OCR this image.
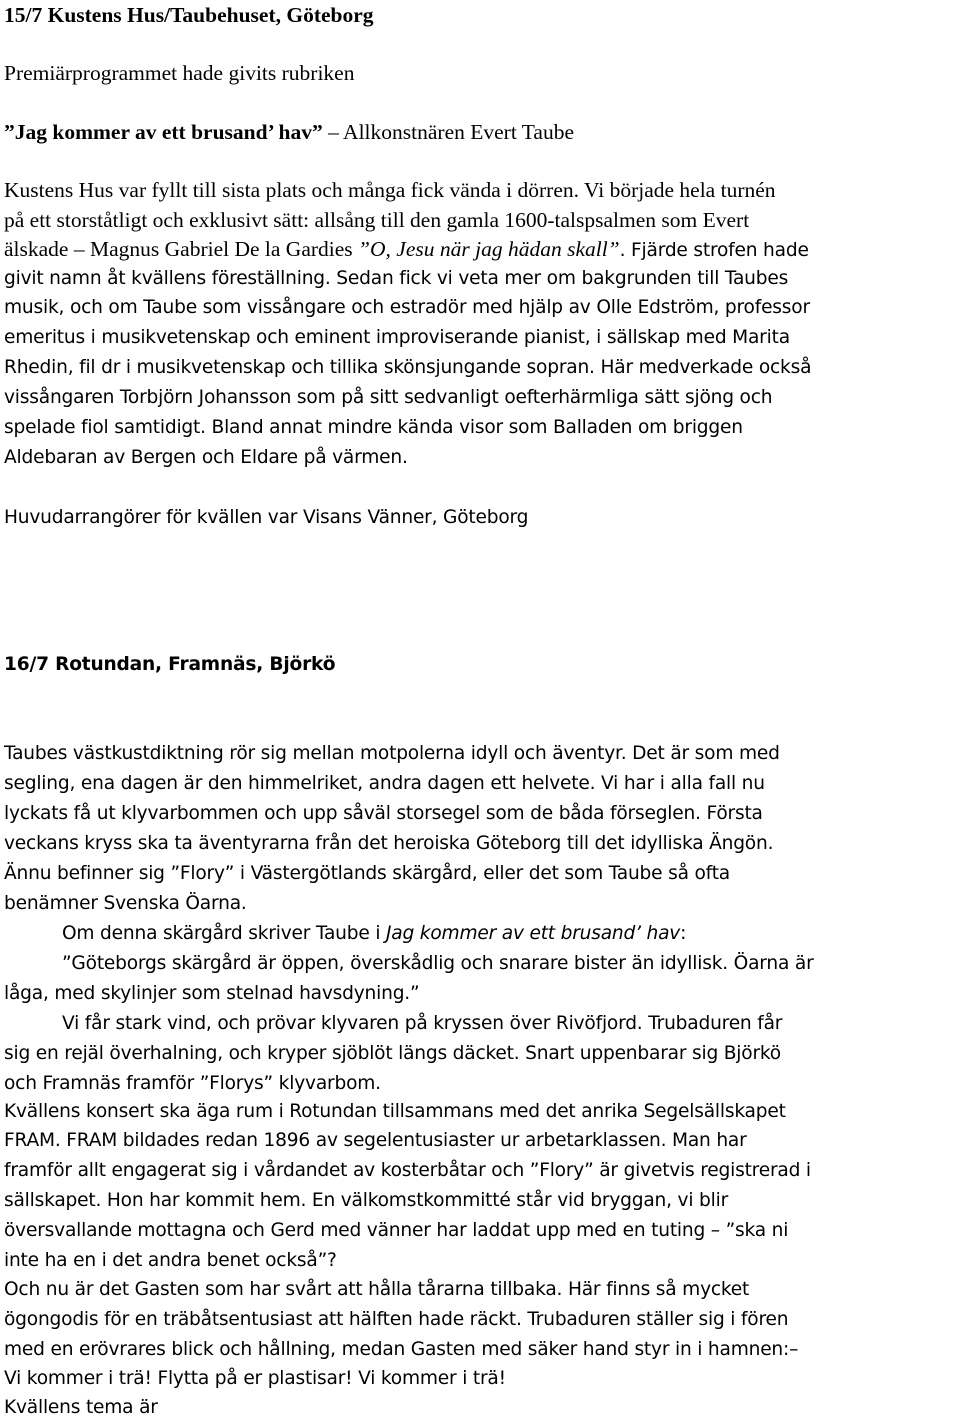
15/7 Kustens Hus/Taubehuset, Göteborg
Premiärprogrammet hade givits rubriken
”Jag kommer av ett brusand’ hav” – Allkonstnären Evert Taube
Kustens Hus var fyllt till sista plats och många fick vända i dörren. Vi började hela turnén
på ett storståtligt och exklusivt sätt: allsång till den gamla 1600-talspsalmen som Evert
älskade – Magnus Gabriel De la Gardies ”O, Jesu när jag hädan skall”. Fjärde strofen hade
givit namn åt kvällens föreställning. Sedan fick vi veta mer om bakgrunden till Taubes
musik, och om Taube som vissångare och estradör med hjälp av Olle Edström, professor
emeritus i musikvetenskap och eminent improviserande pianist, i sällskap med Marita
Rhedin, fil dr i musikvetenskap och tillika skönsjungande sopran. Här medverkade också
vissångaren Torbjörn Johansson som på sitt sedvanligt oefterhärmliga sätt sjöng och
spelade fiol samtidigt. Bland annat mindre kända visor som Balladen om briggen
Aldebaran av Bergen och Eldare på värmen.
Huvudarrangörer för kvällen var Visans Vänner, Göteborg
16/7 Rotundan, Framnäs, Björkö
Taubes västkustdiktning rör sig mellan motpolerna idyll och äventyr. Det är som med
segling, ena dagen är den himmelriket, andra dagen ett helvete. Vi har i alla fall nu
lyckats få ut klyvarbommen och upp såväl storsegel som de båda förseglen. Första
veckans kryss ska ta äventyrarna från det heroiska Göteborg till det idylliska Ängön.
Ännu befinner sig ”Flory” i Västergötlands skärgård, eller det som Taube så ofta
benämner Svenska Öarna.
Om denna skärgård skriver Taube i Jag kommer av ett brusand’ hav:
”Göteborgs skärgård är öppen, överskådlig och snarare bister än idyllisk. Öarna är
låga, med skylinjer som stelnad havsdyning.”
Vi får stark vind, och prövar klyvaren på kryssen över Rivöfjord. Trubaduren får
sig en rejäl överhalning, och kryper sjöblöt längs däcket. Snart uppenbarar sig Björkö
och Framnäs framför ”Florys” klyvarbom.
Kvällens konsert ska äga rum i Rotundan tillsammans med det anrika Segelsällskapet
FRAM. FRAM bildades redan 1896 av segelentusiaster ur arbetarklassen. Man har
framför allt engagerat sig i vårdandet av kosterbåtar och ”Flory” är givetvis registrerad i
sällskapet. Hon har kommit hem. En välkomstkommitté står vid bryggan, vi blir
översvallande mottagna och Gerd med vänner har laddat upp med en tuting – ”ska ni
inte ha en i det andra benet också”?
Och nu är det Gasten som har svårt att hålla tårarna tillbaka. Här finns så mycket
ögongodis för en träbåtsentusiast att hälften hade räckt. Trubaduren ställer sig i fören
med en erövrares blick och hållning, medan Gasten med säker hand styr in i hamnen:–
Vi kommer i trä! Flytta på er plastisar! Vi kommer i trä!
Kvällens tema är
